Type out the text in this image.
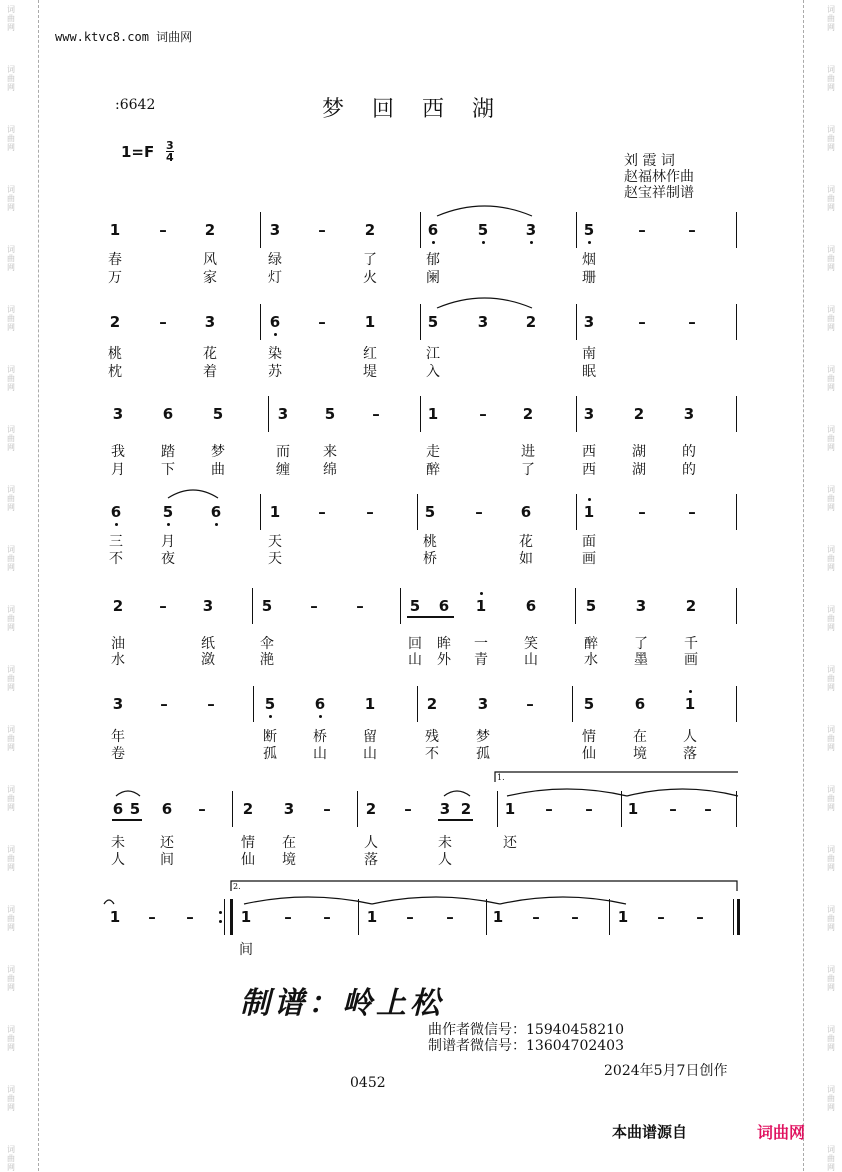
词
曲
网
词
曲
网
词
曲
网
词
曲
网
词
曲
网
词
曲
网
词
曲
网
词
曲
网
词
曲
网
词
曲
网
词
曲
网
词
曲
网
词
曲
网
词
曲
网
词
曲
网
词
曲
网
词
曲
网
词
曲
网
词
曲
网
词
曲
网
词
曲
网
词
曲
网
词
曲
网
词
曲
网
词
曲
网
词
曲
网
词
曲
网
词
曲
网
词
曲
网
词
曲
网
词
曲
网
词
曲
网
词
曲
网
词
曲
网
词
曲
网
词
曲
网
词
曲
网
词
曲
网
词
曲
网
词
曲
网
www.ktvc8.com 词曲网
:6642	梦回西湖
1=F 3
4	刘 霞 词
赵福林作曲
赵宝祥制谱
1	–	2	3	–	2	6	5	3	5	–	–
春	风	绿	了	郁	烟
万	家	灯	火	阑	珊
2	–	3	6	–	1	5	3	2	3	–	–
桃	花	染	红	江	南
枕	着	苏	堤	入	眠
3	6	5	3	5	–	1	–	2	3	2	3
我	踏	梦	而 来	走	进	西	湖	的
月	下	曲	缠 绵	醉	了	西	湖	的
6	5	6	1	–	–	5	–	6	1	–	–
三	月	天	桃	花	面
不	夜	天	桥	如	画
2	–	3	5	–	–	5	6	1	6	5	3	2
油	纸	伞	回 眸 一	笑	醉	了	千
水	潋	滟	山 外 青	山	水	墨	画
3	–	–	5	6	1	2	3	–	5	6	1
年	断	桥	留	残	梦	情	在	人
卷	孤	山	山	不	孤	仙	境	落
6 5	6	–	2	3	–	2	–	3 2	1	–	–	1	–	–
未	还	情 在	人	未	还
人	间	仙 境	落	人
1	–	–	1	–	–	1	–	–	1	–	–	1	–	–
间
1.
2.
制谱：岭上松
曲作者微信号：15940458210
制谱者微信号：13604702403
2024年5月7日创作
0452
本曲谱源自	词曲网
